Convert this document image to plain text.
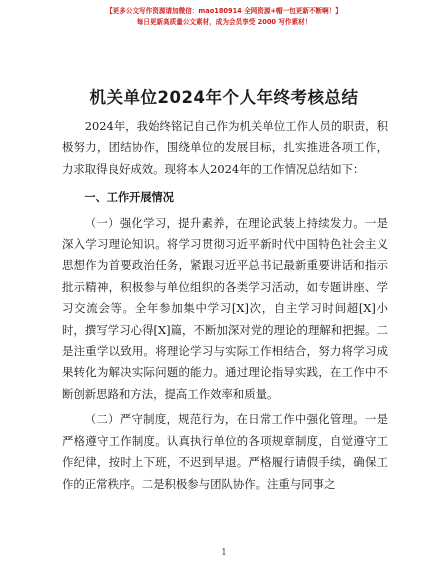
【更多公文写作资源请加微信：mao180914 全网资源+帽一包更新不断啊！】
每日更新高质量公文素材，成为会员享受 2000 写作素材！
机关单位2024年个人年终考核总结

2024年，我始终铭记自己作为机关单位工作人员的职责，积极努力，团结协作，围绕单位的发展目标，扎实推进各项工作，力求取得良好成效。现将本人2024年的工作情况总结如下：

一、工作开展情况

（一）强化学习，提升素养，在理论武装上持续发力。一是深入学习理论知识。将学习贯彻习近平新时代中国特色社会主义思想作为首要政治任务，紧跟习近平总书记最新重要讲话和指示批示精神，积极参与单位组织的各类学习活动，如专题讲座、学习交流会等。全年参加集中学习[X]次，自主学习时间超[X]小时，撰写学习心得[X]篇，不断加深对党的理论的理解和把握。二是注重学以致用。将理论学习与实际工作相结合，努力将学习成果转化为解决实际问题的能力。通过理论指导实践，在工作中不断创新思路和方法，提高工作效率和质量。

（二）严守制度，规范行为，在日常工作中强化管理。一是严格遵守工作制度。认真执行单位的各项规章制度，自觉遵守工作纪律，按时上下班，不迟到早退。严格履行请假手续，确保工作的正常秩序。二是积极参与团队协作。注重与同事之

1
